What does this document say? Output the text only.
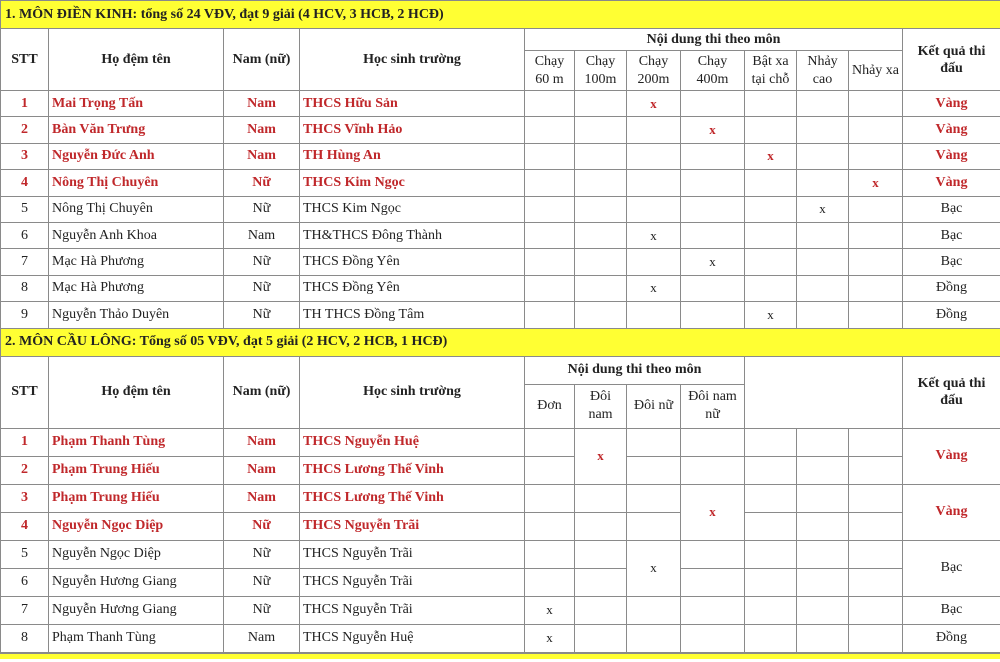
1. MÔN ĐIỀN KINH: tổng số 24 VĐV, đạt 9 giải (4 HCV, 3 HCB, 2 HCĐ)											
STT	Họ đệm tên	Nam (nữ)	Học sinh trường	Nội dung thi theo môn							Kết quả thi đấu
				Chạy 60 m	Chạy 100m	Chạy 200m	Chạy 400m	Bật xa tại chỗ	Nhảy cao	Nhảy xa	
1	Mai Trọng Tấn	Nam	THCS Hữu Sản			x					Vàng
2	Bàn Văn Trưng	Nam	THCS Vĩnh Hảo				x				Vàng
3	Nguyễn Đức Anh	Nam	TH Hùng An					x			Vàng
4	Nông Thị Chuyên	Nữ	THCS Kim Ngọc							x	Vàng
5	Nông Thị Chuyên	Nữ	THCS Kim Ngọc						x		Bạc
6	Nguyễn Anh Khoa	Nam	TH&THCS Đông Thành			x					Bạc
7	Mạc Hà Phương	Nữ	THCS Đồng Yên				x				Bạc
8	Mạc Hà Phương	Nữ	THCS Đồng Yên			x					Đồng
9	Nguyễn Thảo Duyên	Nữ	TH THCS Đồng Tâm					x			Đồng
2. MÔN CẦU LÔNG: Tổng số 05 VĐV, đạt 5 giải (2 HCV, 2 HCB, 1 HCĐ)											
STT	Họ đệm tên	Nam (nữ)	Học sinh trường	Nội dung thi theo môn							Kết quả thi đấu
				Đơn	Đôi nam	Đôi nữ	Đôi nam nữ				
1	Phạm Thanh Tùng	Nam	THCS Nguyễn Huệ		x						Vàng
2	Phạm Trung Hiếu	Nam	THCS Lương Thế Vinh								
3	Phạm Trung Hiếu	Nam	THCS Lương Thế Vinh				x				Vàng
4	Nguyễn Ngọc Diệp	Nữ	THCS Nguyễn Trãi								
5	Nguyễn Ngọc Diệp	Nữ	THCS Nguyễn Trãi			x					Bạc
6	Nguyễn Hương Giang	Nữ	THCS Nguyễn Trãi								
7	Nguyễn Hương Giang	Nữ	THCS Nguyễn Trãi	x							Bạc
8	Phạm Thanh Tùng	Nam	THCS Nguyễn Huệ	x							Đồng
